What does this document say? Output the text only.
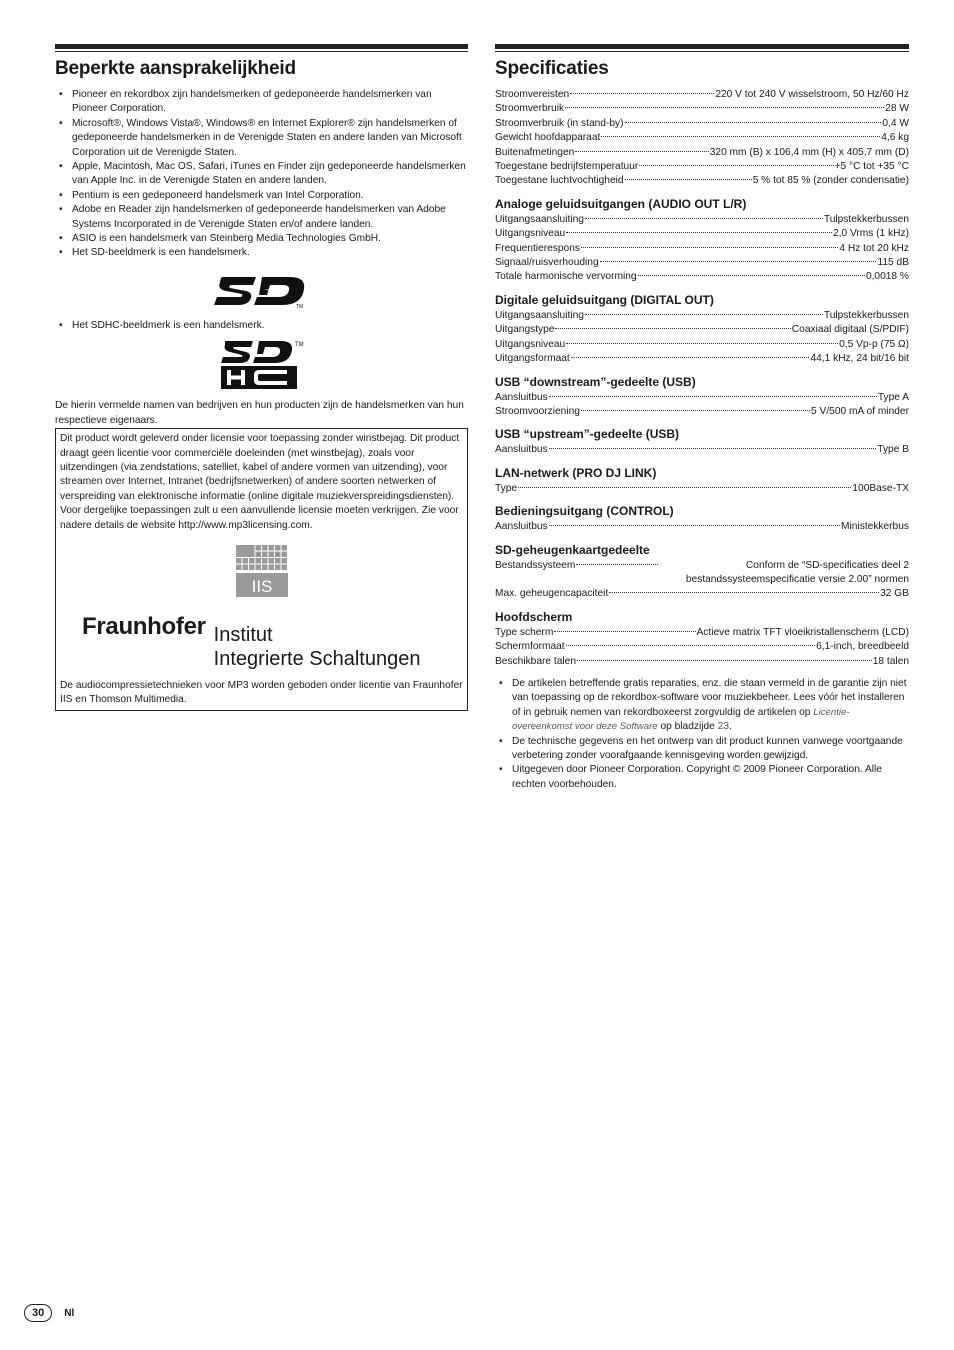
Beperkte aansprakelijkheid
• Pioneer en rekordbox zijn handelsmerken of gedeponeerde handelsmerken van Pioneer Corporation.
• Microsoft®, Windows Vista®, Windows® en Internet Explorer® zijn handelsmerken of gedeponeerde handelsmerken in de Verenigde Staten en andere landen van Microsoft Corporation uit de Verenigde Staten.
• Apple, Macintosh, Mac OS, Safari, iTunes en Finder zijn gedeponeerde handelsmerken van Apple Inc. in de Verenigde Staten en andere landen.
• Pentium is een gedeponeerd handelsmerk van Intel Corporation.
• Adobe en Reader zijn handelsmerken of gedeponeerde handelsmerken van Adobe Systems Incorporated in de Verenigde Staten en/of andere landen.
• ASIO is een handelsmerk van Steinberg Media Technologies GmbH.
• Het SD-beeldmerk is een handelsmerk.
TM
• Het SDHC-beeldmerk is een handelsmerk.
TM
De hierin vermelde namen van bedrijven en hun producten zijn de handelsmerken van hun respectieve eigenaars.

Dit product wordt geleverd onder licensie voor toepassing zonder winstbejag. Dit product draagt geen licentie voor commerciële doeleinden (met winstbejag), zoals voor uitzendingen (via zendstations, satelliet, kabel of andere vormen van uitzending), voor streamen over Internet, Intranet (bedrijfsnetwerken) of andere soorten netwerken of verspreiding van elektronische informatie (online digitale muziekverspreidingsdiensten). Voor dergelijke toepassingen zult u een aanvullende licensie moeten verkrijgen. Zie voor nadere details de website http://www.mp3licensing.com.

IIS
Fraunhofer Institut
Integrierte Schaltungen

De audiocompressietechnieken voor MP3 worden geboden onder licentie van Fraunhofer IIS en Thomson Multimedia.

Specificaties
Stroomvereisten	220 V tot 240 V wisselstroom, 50 Hz/60 Hz
Stroomverbruik	28 W
Stroomverbruik (in stand-by)	0,4 W
Gewicht hoofdapparaat	4,6 kg
Buitenafmetingen	320 mm (B) x 106,4 mm (H) x 405,7 mm (D)
Toegestane bedrijfstemperatuur	+5 °C tot +35 °C
Toegestane luchtvochtigheid	5 % tot 85 % (zonder condensatie)
Analoge geluidsuitgangen (AUDIO OUT L/R)
Uitgangsaansluiting	Tulpstekkerbussen
Uitgangsniveau	2,0 Vrms (1 kHz)
Frequentierespons	4 Hz tot 20 kHz
Signaal/ruisverhouding	115 dB
Totale harmonische vervorming	0,0018 %
Digitale geluidsuitgang (DIGITAL OUT)
Uitgangsaansluiting	Tulpstekkerbussen
Uitgangstype	Coaxiaal digitaal (S/PDIF)
Uitgangsniveau	0,5 Vp-p (75 Ω)
Uitgangsformaat	44,1 kHz, 24 bit/16 bit
USB “downstream”-gedeelte (USB)
Aansluitbus	Type A
Stroomvoorziening	5 V/500 mA of minder
USB “upstream”-gedeelte (USB)
Aansluitbus	Type B
LAN-netwerk (PRO DJ LINK)
Type	100Base-TX
Bedieningsuitgang (CONTROL)
Aansluitbus	Ministekkerbus
SD-geheugenkaartgedeelte
Bestandssysteem	Conform de “SD-specificaties deel 2 bestandssysteemspecificatie versie 2.00” normen
Max. geheugencapaciteit	32 GB
Hoofdscherm
Type scherm	Actieve matrix TFT vloeikristallenscherm (LCD)
Schermformaat	6,1-inch, breedbeeld
Beschikbare talen	18 talen
• De artikelen betreffende gratis reparaties, enz. die staan vermeld in de garantie zijn niet van toepassing op de rekordbox-software voor muziekbeheer. Lees vóór het installeren of in gebruik nemen van rekordboxeerst zorgvuldig de artikelen op Licentie-overeenkomst voor deze Software op bladzijde 23.
• De technische gegevens en het ontwerp van dit product kunnen vanwege voortgaande verbetering zonder voorafgaande kennisgeving worden gewijzigd.
• Uitgegeven door Pioneer Corporation. Copyright © 2009 Pioneer Corporation. Alle rechten voorbehouden.
30	Nl
